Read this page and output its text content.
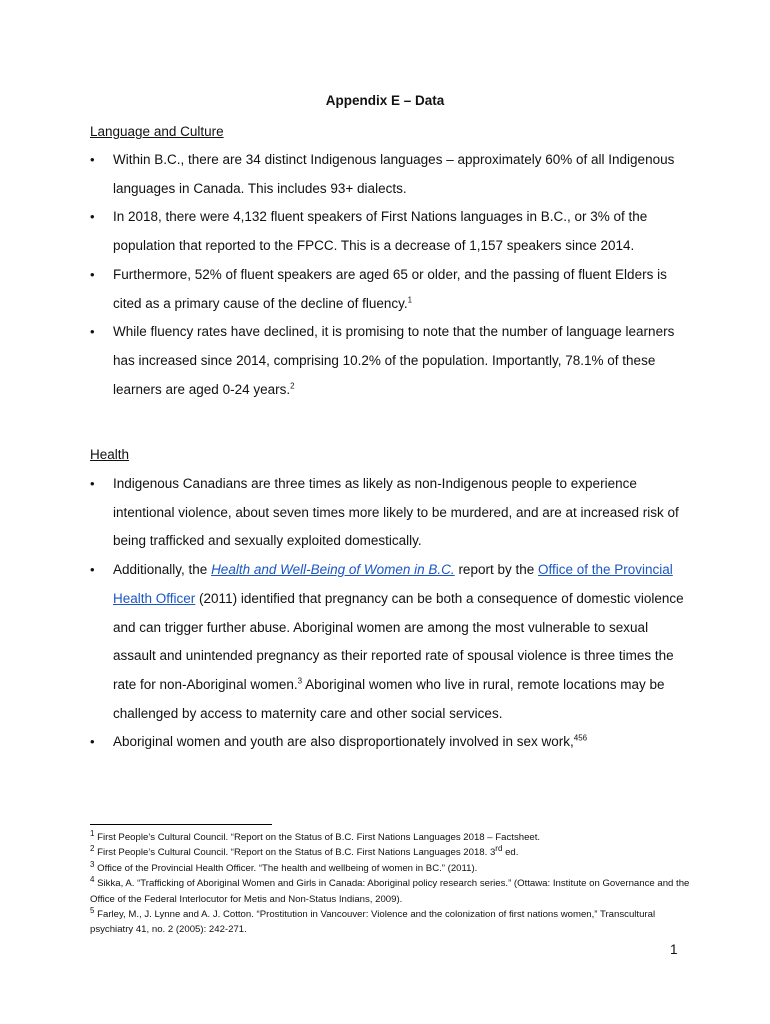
Appendix E – Data
Language and Culture
• Within B.C., there are 34 distinct Indigenous languages – approximately 60% of all Indigenous languages in Canada. This includes 93+ dialects.
• In 2018, there were 4,132 fluent speakers of First Nations languages in B.C., or 3% of the population that reported to the FPCC. This is a decrease of 1,157 speakers since 2014.
• Furthermore, 52% of fluent speakers are aged 65 or older, and the passing of fluent Elders is cited as a primary cause of the decline of fluency.$^1$
• While fluency rates have declined, it is promising to note that the number of language learners has increased since 2014, comprising 10.2% of the population. Importantly, 78.1% of these learners are aged 0-24 years.$^2$
Health
• Indigenous Canadians are three times as likely as non-Indigenous people to experience intentional violence, about seven times more likely to be murdered, and are at increased risk of being trafficked and sexually exploited domestically.
• Additionally, the Health and Well-Being of Women in B.C. report by the Office of the Provincial Health Officer (2011) identified that pregnancy can be both a consequence of domestic violence and can trigger further abuse. Aboriginal women are among the most vulnerable to sexual assault and unintended pregnancy as their reported rate of spousal violence is three times the rate for non-Aboriginal women.$^3$ Aboriginal women who live in rural, remote locations may be challenged by access to maternity care and other social services.
• Aboriginal women and youth are also disproportionately involved in sex work,$^{456}$
$^1$ First People’s Cultural Council. “Report on the Status of B.C. First Nations Languages 2018 – Factsheet.
$^2$ First People’s Cultural Council. “Report on the Status of B.C. First Nations Languages 2018. 3rd ed.
$^3$ Office of the Provincial Health Officer. “The health and wellbeing of women in BC.” (2011).
$^4$ Sikka, A. “Trafficking of Aboriginal Women and Girls in Canada: Aboriginal policy research series.” (Ottawa: Institute on Governance and the Office of the Federal Interlocutor for Metis and Non-Status Indians, 2009).
$^5$ Farley, M., J. Lynne and A. J. Cotton. “Prostitution in Vancouver: Violence and the colonization of first nations women,” Transcultural psychiatry 41, no. 2 (2005): 242-271.
1
